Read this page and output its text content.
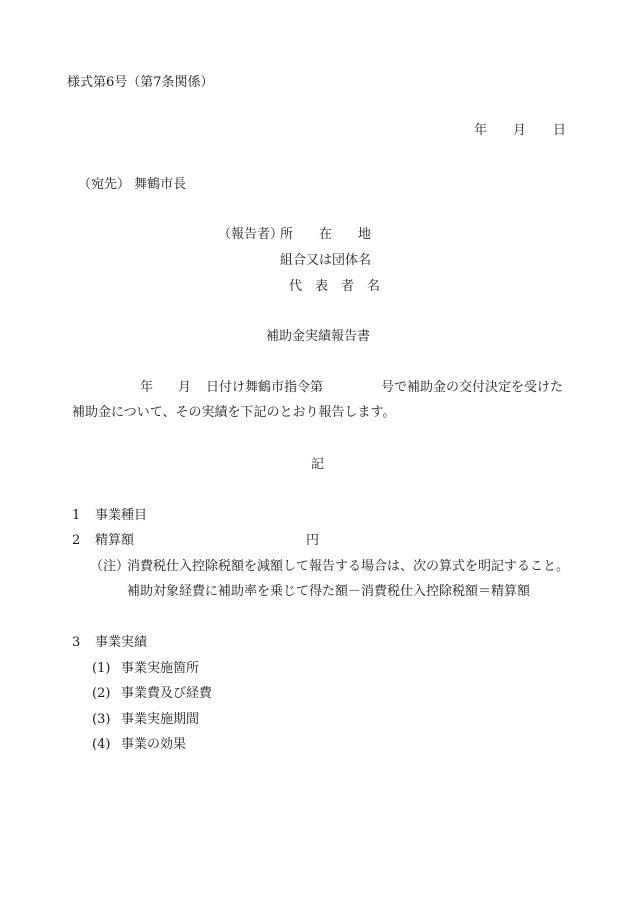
様式第6号（第7条関係）
年 月 日
（宛先） 舞鶴市長
（報告者）
所　　在　　地
組合又は団体名
代　表　者　名
補助金実績報告書
年 月 日付け舞鶴市指令第	号で補助金の交付決定を受けた
補助金について、その実績を下記のとおり報告します。
記
1 事業種目
2 精算額	円
（注）
消費税仕入控除税額を減額して報告する場合は、次の算式を明記すること。
補助対象経費に補助率を乗じて得た額－消費税仕入控除税額＝精算額
3 事業実績
(1) 事業実施箇所
(2) 事業費及び経費
(3) 事業実施期間
(4) 事業の効果
